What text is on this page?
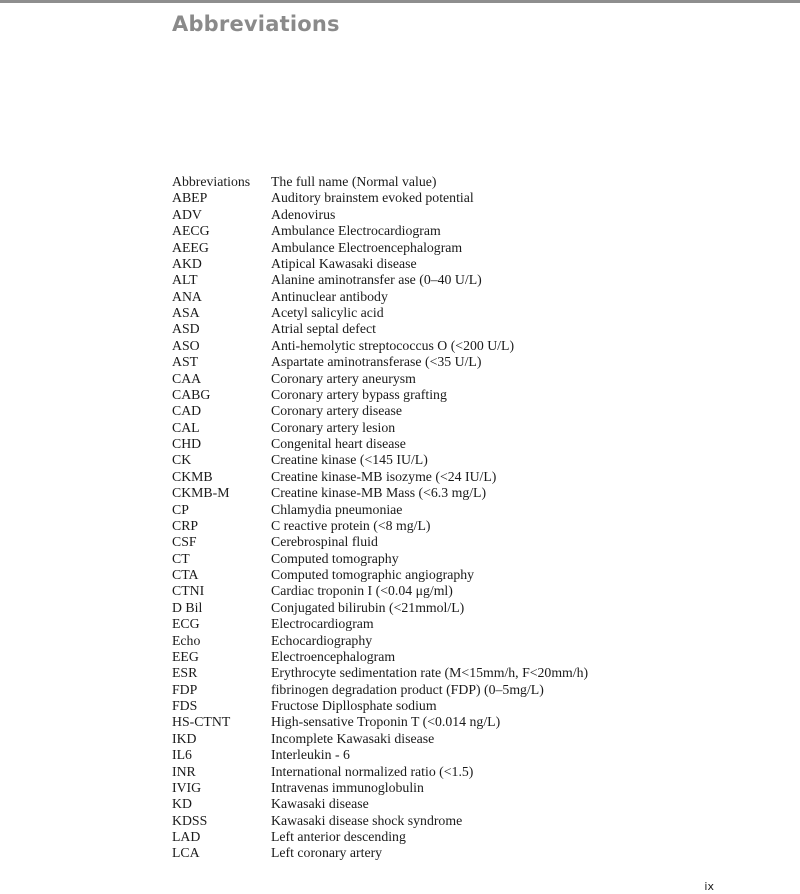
Abbreviations
Abbreviations	The full name (Normal value)
ABEP	Auditory brainstem evoked potential
ADV	Adenovirus
AECG	Ambulance Electrocardiogram
AEEG	Ambulance Electroencephalogram
AKD	Atipical Kawasaki disease
ALT	Alanine aminotransfer ase (0–40 U/L)
ANA	Antinuclear antibody
ASA	Acetyl salicylic acid
ASD	Atrial septal defect
ASO	Anti-hemolytic streptococcus O (<200 U/L)
AST	Aspartate aminotransferase (<35 U/L)
CAA	Coronary artery aneurysm
CABG	Coronary artery bypass grafting
CAD	Coronary artery disease
CAL	Coronary artery lesion
CHD	Congenital heart disease
CK	Creatine kinase (<145 IU/L)
CKMB	Creatine kinase-MB isozyme (<24 IU/L)
CKMB-M	Creatine kinase-MB Mass (<6.3 mg/L)
CP	Chlamydia pneumoniae
CRP	C reactive protein (<8 mg/L)
CSF	Cerebrospinal fluid
CT	Computed tomography
CTA	Computed tomographic angiography
CTNI	Cardiac troponin I (<0.04 μg/ml)
D Bil	Conjugated bilirubin (<21mmol/L)
ECG	Electrocardiogram
Echo	Echocardiography
EEG	Electroencephalogram
ESR	Erythrocyte sedimentation rate (M<15mm/h, F<20mm/h)
FDP	fibrinogen degradation product (FDP) (0–5mg/L)
FDS	Fructose Dipllosphate sodium
HS-CTNT	High-sensative Troponin T (<0.014 ng/L)
IKD	Incomplete Kawasaki disease
IL6	Interleukin - 6
INR	International normalized ratio (<1.5)
IVIG	Intravenas immunoglobulin
KD	Kawasaki disease
KDSS	Kawasaki disease shock syndrome
LAD	Left anterior descending
LCA	Left coronary artery
ix
